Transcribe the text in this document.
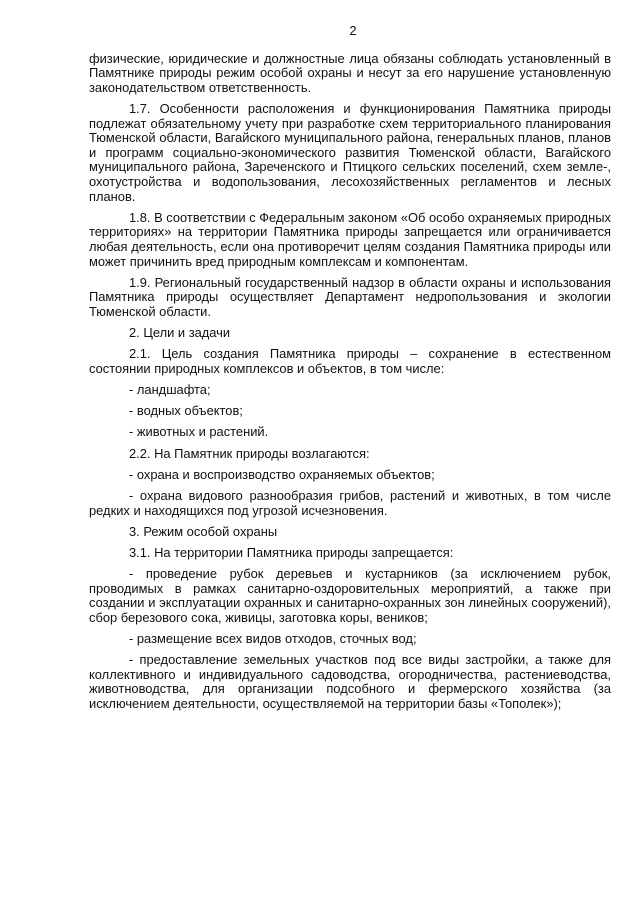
2

физические, юридические и должностные лица обязаны соблюдать установленный в Памятнике природы режим особой охраны и несут за его нарушение установленную законодательством ответственность.

1.7. Особенности расположения и функционирования Памятника природы подлежат обязательному учету при разработке схем территориального планирования Тюменской области, Вагайского муниципального района, генеральных планов, планов и программ социально-экономического развития Тюменской области, Вагайского муниципального района, Зареченского и Птицкого сельских поселений, схем земле-, охотустройства и водопользования, лесохозяйственных регламентов и лесных планов.

1.8. В соответствии с Федеральным законом «Об особо охраняемых природных территориях» на территории Памятника природы запрещается или ограничивается любая деятельность, если она противоречит целям создания Памятника природы или может причинить вред природным комплексам и компонентам.

1.9. Региональный государственный надзор в области охраны и использования Памятника природы осуществляет Департамент недропользования и экологии Тюменской области.

2. Цели и задачи

2.1. Цель создания Памятника природы – сохранение в естественном состоянии природных комплексов и объектов, в том числе:

- ландшафта;

- водных объектов;

- животных и растений.

2.2. На Памятник природы возлагаются:

- охрана и воспроизводство охраняемых объектов;

- охрана видового разнообразия грибов, растений и животных, в том числе редких и находящихся под угрозой исчезновения.

3. Режим особой охраны

3.1. На территории Памятника природы запрещается:

- проведение рубок деревьев и кустарников (за исключением рубок, проводимых в рамках санитарно-оздоровительных мероприятий, а также при создании и эксплуатации охранных и санитарно-охранных зон линейных сооружений), сбор березового сока, живицы, заготовка коры, веников;

- размещение всех видов отходов, сточных вод;

- предоставление земельных участков под все виды застройки, а также для коллективного и индивидуального садоводства, огородничества, растениеводства, животноводства, для организации подсобного и фермерского хозяйства (за исключением деятельности, осуществляемой на территории базы «Тополек»);
